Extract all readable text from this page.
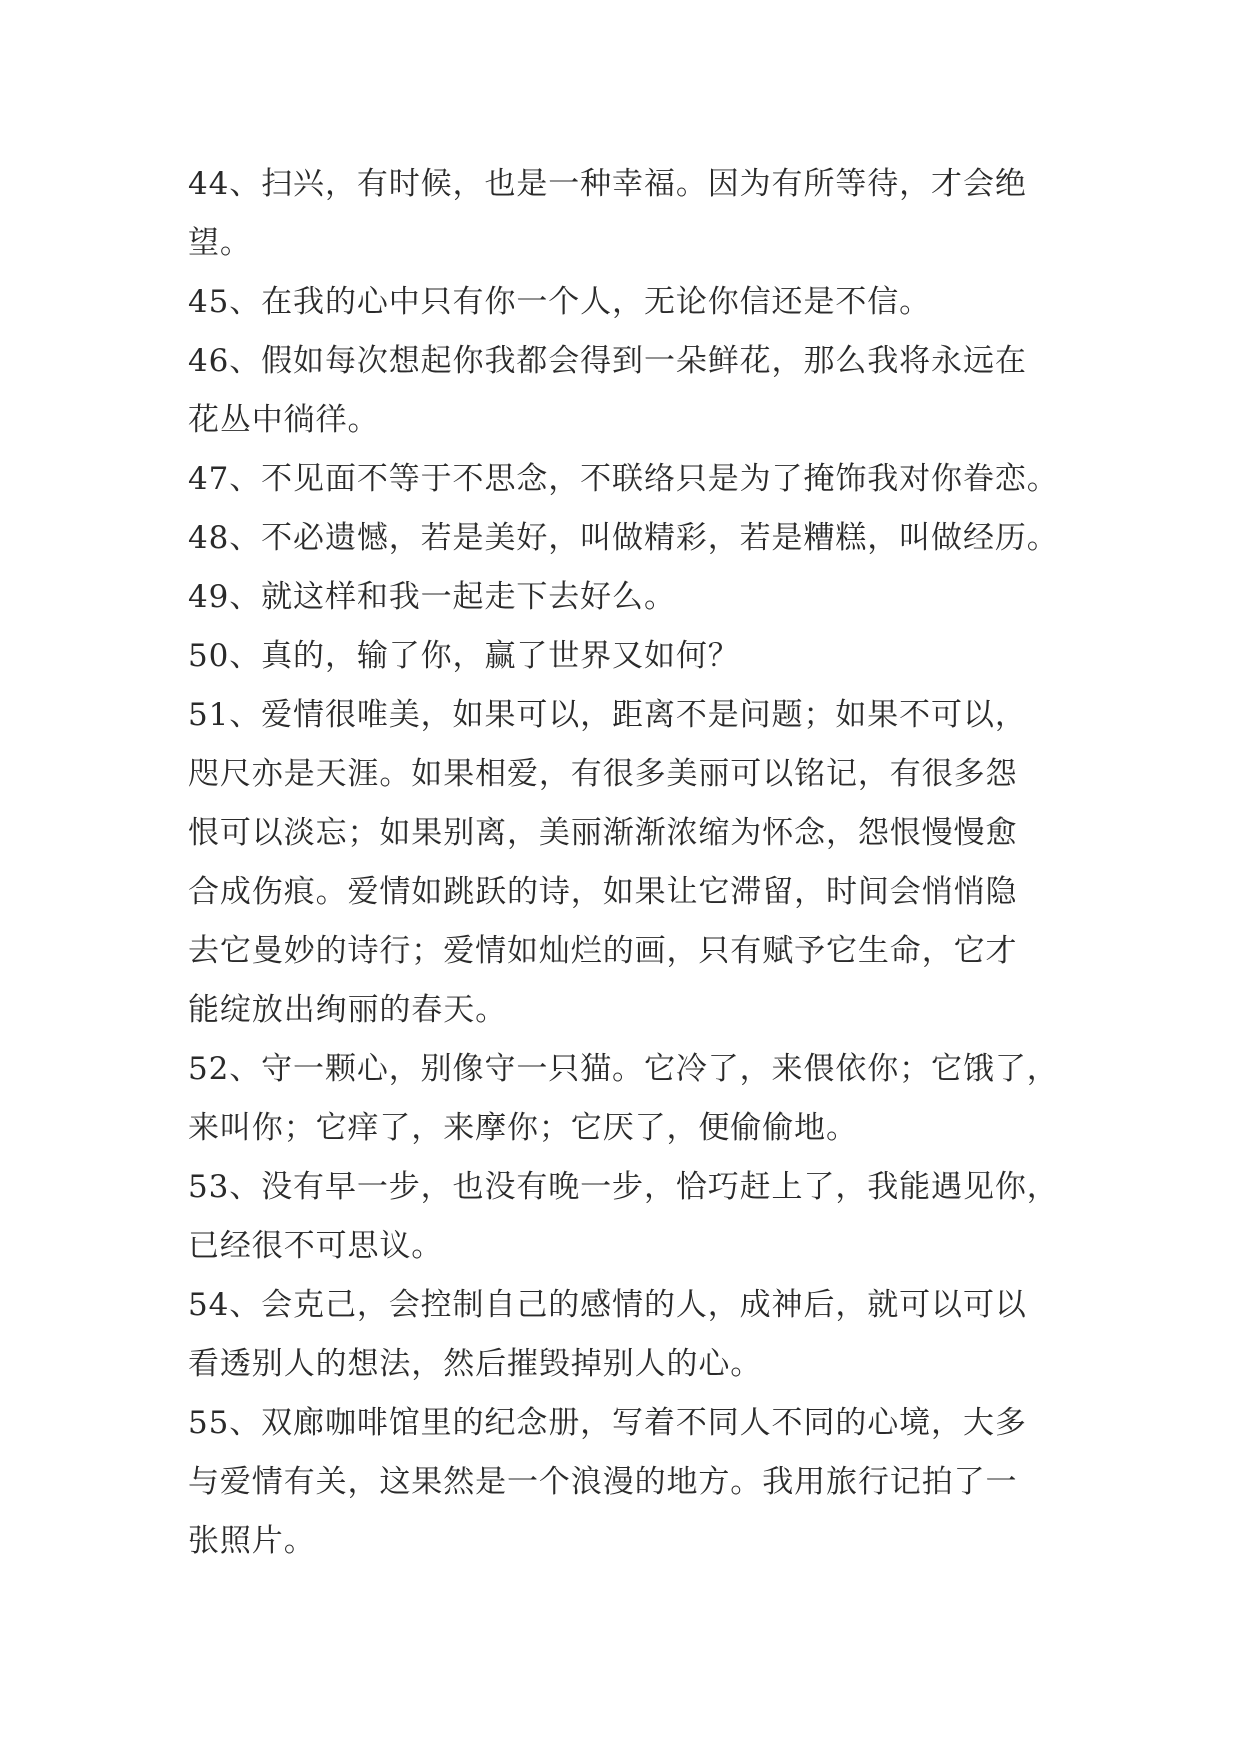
44、扫兴，有时候，也是一种幸福。因为有所等待，才会绝
望。
45、在我的心中只有你一个人，无论你信还是不信。
46、假如每次想起你我都会得到一朵鲜花，那么我将永远在
花丛中徜徉。
47、不见面不等于不思念，不联络只是为了掩饰我对你眷恋。
48、不必遗憾，若是美好，叫做精彩，若是糟糕，叫做经历。
49、就这样和我一起走下去好么。
50、真的，输了你，赢了世界又如何？
51、爱情很唯美，如果可以，距离不是问题；如果不可以，
咫尺亦是天涯。如果相爱，有很多美丽可以铭记，有很多怨
恨可以淡忘；如果别离，美丽渐渐浓缩为怀念，怨恨慢慢愈
合成伤痕。爱情如跳跃的诗，如果让它滞留，时间会悄悄隐
去它曼妙的诗行；爱情如灿烂的画，只有赋予它生命，它才
能绽放出绚丽的春天。
52、守一颗心，别像守一只猫。它冷了，来偎依你；它饿了，
来叫你；它痒了，来摩你；它厌了，便偷偷地。
53、没有早一步，也没有晚一步，恰巧赶上了，我能遇见你，
已经很不可思议。
54、会克己，会控制自己的感情的人，成神后，就可以可以
看透别人的想法，然后摧毁掉别人的心。
55、双廊咖啡馆里的纪念册，写着不同人不同的心境，大多
与爱情有关，这果然是一个浪漫的地方。我用旅行记拍了一
张照片。
